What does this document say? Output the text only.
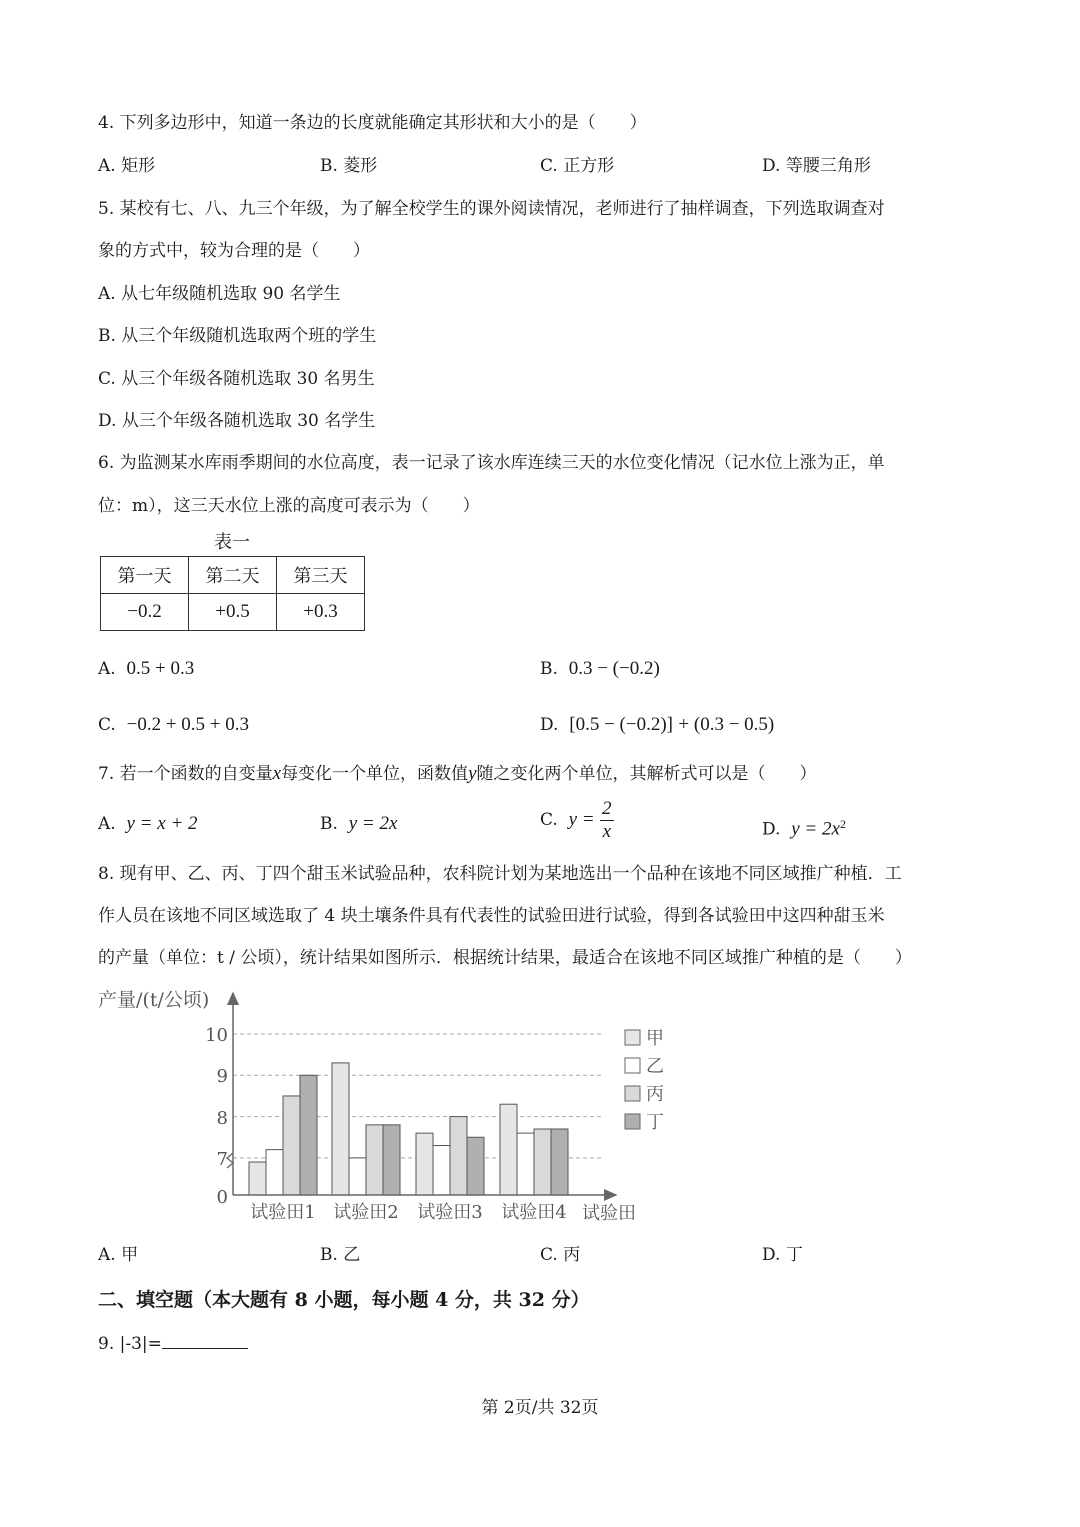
4. 下列多边形中，知道一条边的长度就能确定其形状和大小的是（　　）
A. 矩形	B. 菱形	C. 正方形	D. 等腰三角形
5. 某校有七、八、九三个年级，为了解全校学生的课外阅读情况，老师进行了抽样调查，下列选取调查对
象的方式中，较为合理的是（　　）
A. 从七年级随机选取 90 名学生
B. 从三个年级随机选取两个班的学生
C. 从三个年级各随机选取 30 名男生
D. 从三个年级各随机选取 30 名学生
6. 为监测某水库雨季期间的水位高度，表一记录了该水库连续三天的水位变化情况（记水位上涨为正，单
位：m），这三天水位上涨的高度可表示为（　　）
表一
第一天	第二天	第三天
−0.2	+0.5	+0.3
A. 0.5 + 0.3	B. 0.3 − (−0.2)
C. −0.2 + 0.5 + 0.3	D. [0.5 − (−0.2)] + (0.3 − 0.5)
7. 若一个函数的自变量x每变化一个单位，函数值y随之变化两个单位，其解析式可以是（　　）
A. y = x + 2	B. y = 2x	C. $y = \frac{2}{x}$	D. $y = 2x^2$
8. 现有甲、乙、丙、丁四个甜玉米试验品种，农科院计划为某地选出一个品种在该地不同区域推广种植．工
作人员在该地不同区域选取了 4 块土壤条件具有代表性的试验田进行试验，得到各试验田中这四种甜玉米
的产量（单位：t / 公顷），统计结果如图所示．根据统计结果，最适合在该地不同区域推广种植的是（　　）
产量/(t/公顷)
试验田
10
9
8
7
0
试验田1 试验田2 试验田3 试验田4
甲
乙
丙
丁
A. 甲	B. 乙	C. 丙	D. 丁
二、填空题（本大题有 8 小题，每小题 4 分，共 32 分）
9. |-3|=
第 2页/共 32页
